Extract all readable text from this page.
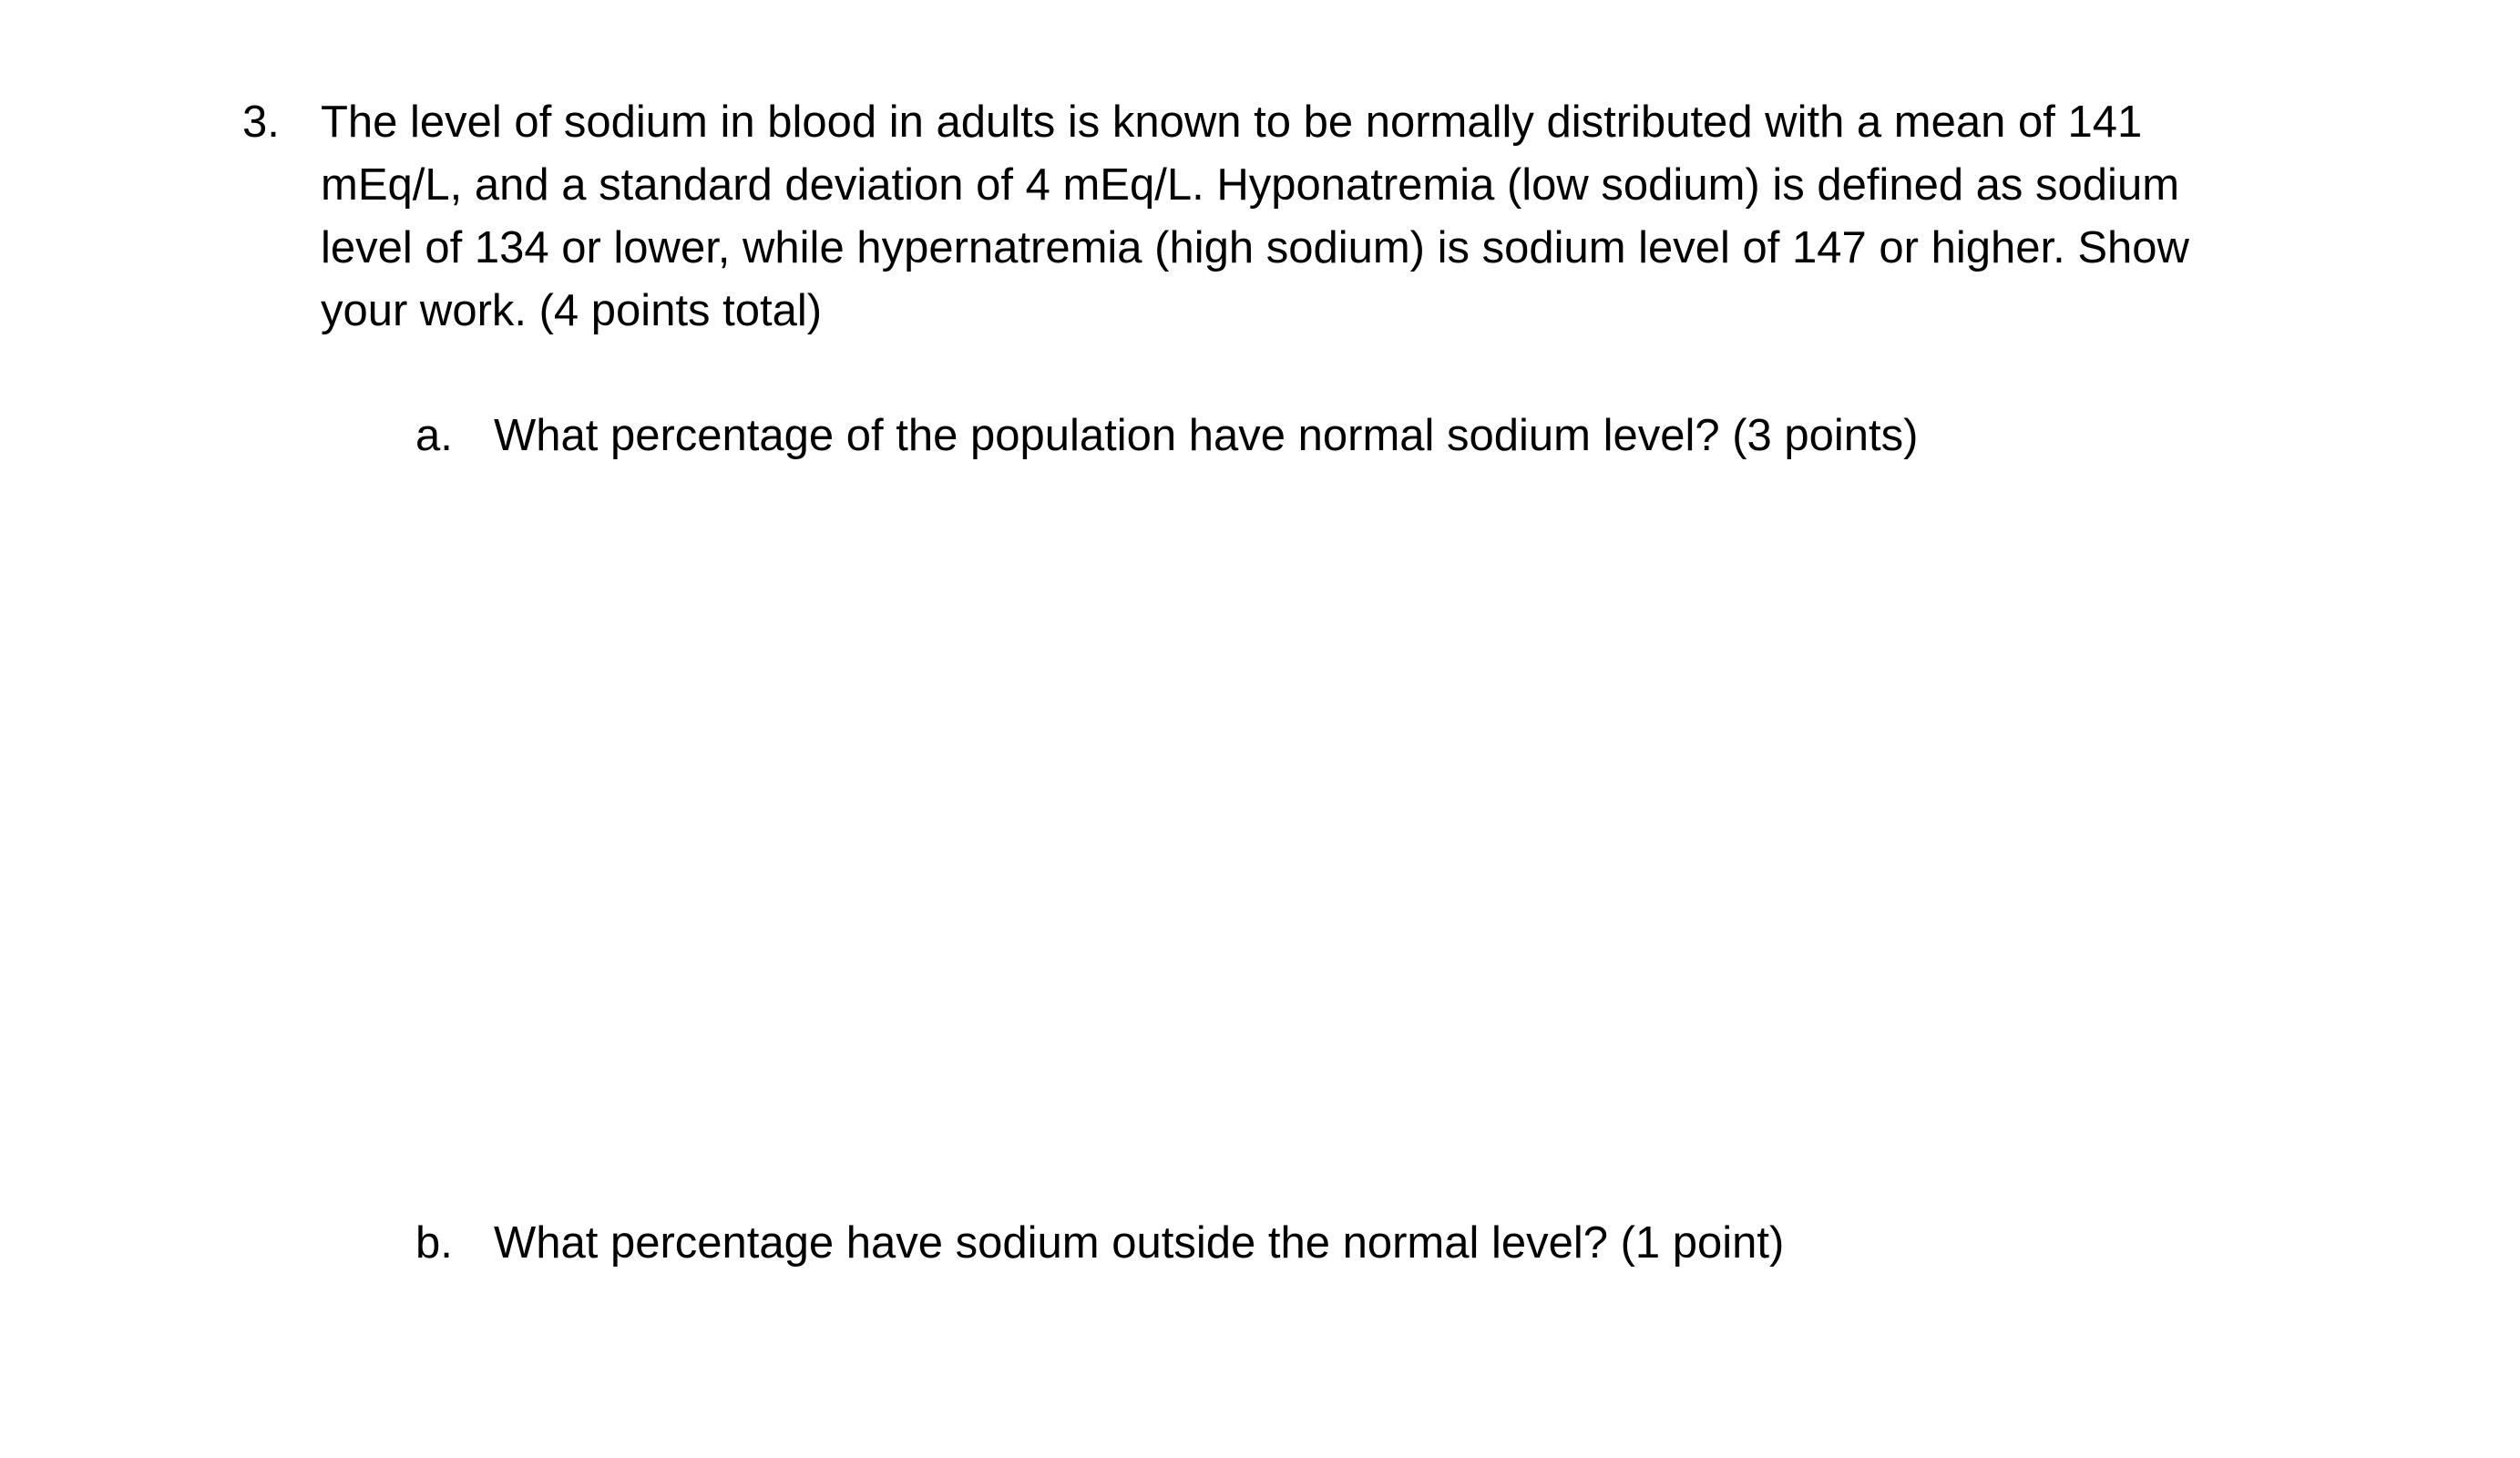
3. The level of sodium in blood in adults is known to be normally distributed with a mean of 141
mEq/L, and a standard deviation of 4 mEq/L. Hyponatremia (low sodium) is defined as sodium
level of 134 or lower, while hypernatremia (high sodium) is sodium level of 147 or higher. Show
your work. (4 points total)
a. What percentage of the population have normal sodium level? (3 points)
b. What percentage have sodium outside the normal level? (1 point)
